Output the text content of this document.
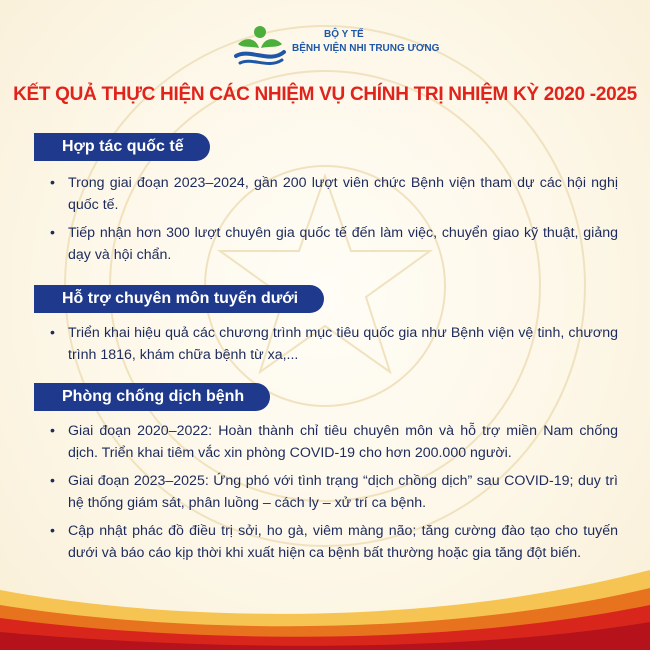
BỘ Y TẾ
BỆNH VIỆN NHI TRUNG ƯƠNG
KẾT QUẢ THỰC HIỆN CÁC NHIỆM VỤ CHÍNH TRỊ NHIỆM KỲ 2020 -2025
Hợp tác quốc tế
• Trong giai đoạn 2023–2024, gần 200 lượt viên chức Bệnh viện tham dự các hội nghị quốc tế.
• Tiếp nhận hơn 300 lượt chuyên gia quốc tế đến làm việc, chuyển giao kỹ thuật, giảng dạy và hội chẩn.
Hỗ trợ chuyên môn tuyến dưới
• Triển khai hiệu quả các chương trình mục tiêu quốc gia như Bệnh viện vệ tinh, chương trình 1816, khám chữa bệnh từ xa,...
Phòng chống dịch bệnh
• Giai đoạn 2020–2022: Hoàn thành chỉ tiêu chuyên môn và hỗ trợ miền Nam chống dịch. Triển khai tiêm vắc xin phòng COVID-19 cho hơn 200.000 người.
• Giai đoạn 2023–2025: Ứng phó với tình trạng “dịch chồng dịch” sau COVID-19; duy trì hệ thống giám sát, phân luồng – cách ly – xử trí ca bệnh.
• Cập nhật phác đồ điều trị sởi, ho gà, viêm màng não; tăng cường đào tạo cho tuyến dưới và báo cáo kịp thời khi xuất hiện ca bệnh bất thường hoặc gia tăng đột biến.
